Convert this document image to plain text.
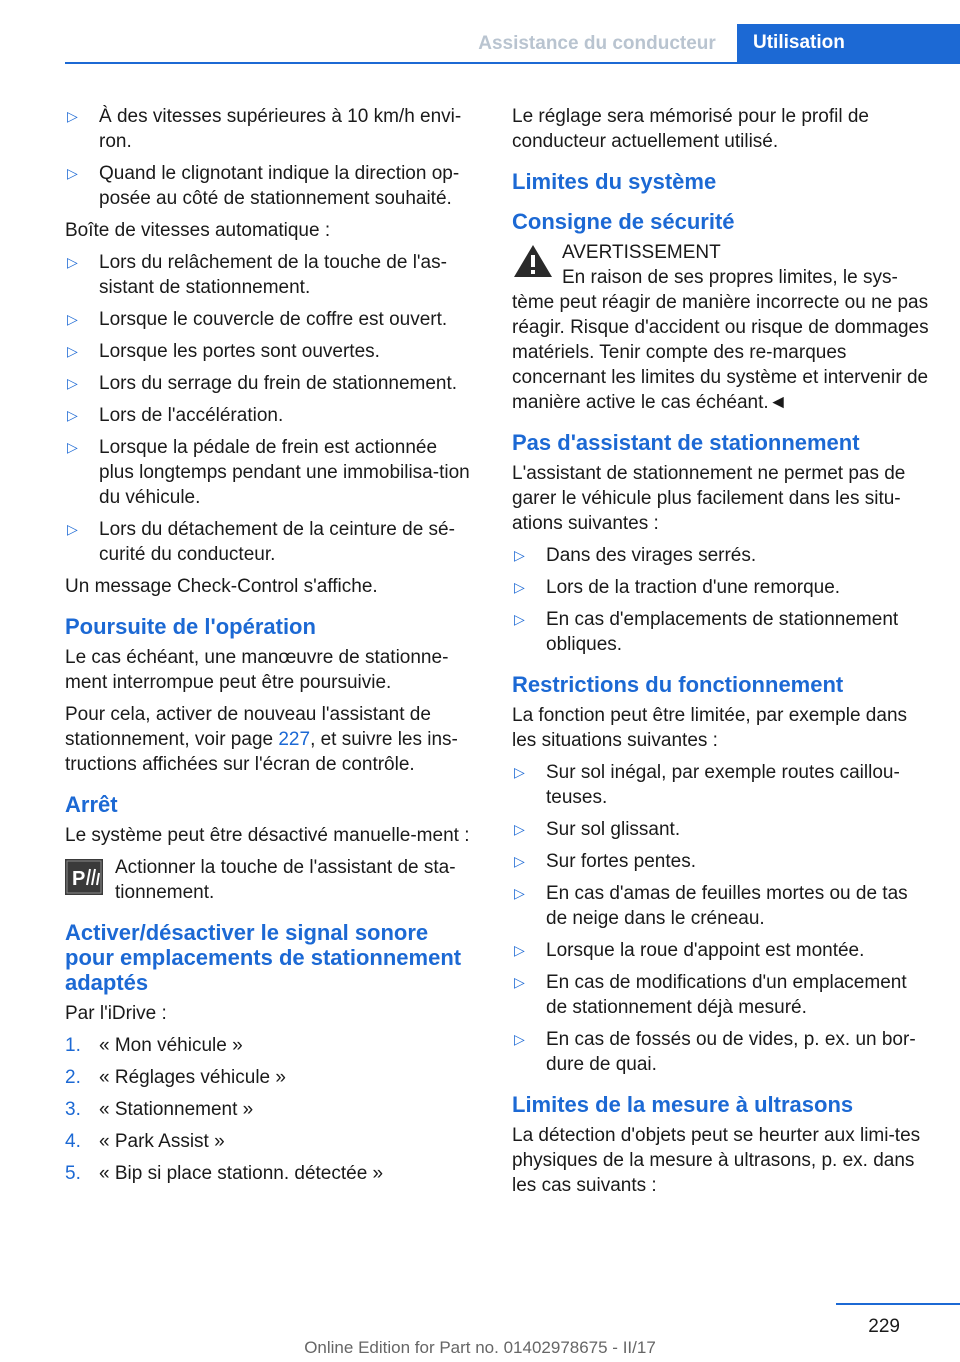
Assistance du conducteur	Utilisation
▷ À des vitesses supérieures à 10 km/h envi-ron.
▷ Quand le clignotant indique la direction op-posée au côté de stationnement souhaité.

Boîte de vitesses automatique :

▷ Lors du relâchement de la touche de l'as-sistant de stationnement.
▷ Lorsque le couvercle de coffre est ouvert.
▷ Lorsque les portes sont ouvertes.
▷ Lors du serrage du frein de stationnement.
▷ Lors de l'accélération.
▷ Lorsque la pédale de frein est actionnée plus longtemps pendant une immobilisa-tion du véhicule.
▷ Lors du détachement de la ceinture de sé-curité du conducteur.

Un message Check-Control s'affiche.

Poursuite de l'opération

Le cas échéant, une manœuvre de stationne-ment interrompue peut être poursuivie.

Pour cela, activer de nouveau l'assistant de stationnement, voir page 227, et suivre les ins-tructions affichées sur l'écran de contrôle.

Arrêt

Le système peut être désactivé manuelle-ment :

P
Actionner la touche de l'assistant de sta-tionnement.
Activer/désactiver le signal sonore pour emplacements de stationnement adaptés

Par l'iDrive :

1. « Mon véhicule »
2. « Réglages véhicule »
3. « Stationnement »
4. « Park Assist »
5. « Bip si place stationn. détectée »

Le réglage sera mémorisé pour le profil de conducteur actuellement utilisé.

Limites du système
Consigne de sécurité
AVERTISSEMENT

En raison de ses propres limites, le sys-tème peut réagir de manière incorrecte ou ne pas réagir. Risque d'accident ou risque de dommages matériels. Tenir compte des re-marques concernant les limites du système et intervenir de manière active le cas échéant.◄

Pas d'assistant de stationnement

L'assistant de stationnement ne permet pas de garer le véhicule plus facilement dans les situ-ations suivantes :

▷ Dans des virages serrés.
▷ Lors de la traction d'une remorque.
▷ En cas d'emplacements de stationnement obliques.
Restrictions du fonctionnement

La fonction peut être limitée, par exemple dans les situations suivantes :

▷ Sur sol inégal, par exemple routes caillou-teuses.
▷ Sur sol glissant.
▷ Sur fortes pentes.
▷ En cas d'amas de feuilles mortes ou de tas de neige dans le créneau.
▷ Lorsque la roue d'appoint est montée.
▷ En cas de modifications d'un emplacement de stationnement déjà mesuré.
▷ En cas de fossés ou de vides, p. ex. un bor-dure de quai.
Limites de la mesure à ultrasons

La détection d'objets peut se heurter aux limi-tes physiques de la mesure à ultrasons, p. ex. dans les cas suivants :

229
Online Edition for Part no. 01402978675 - II/17
